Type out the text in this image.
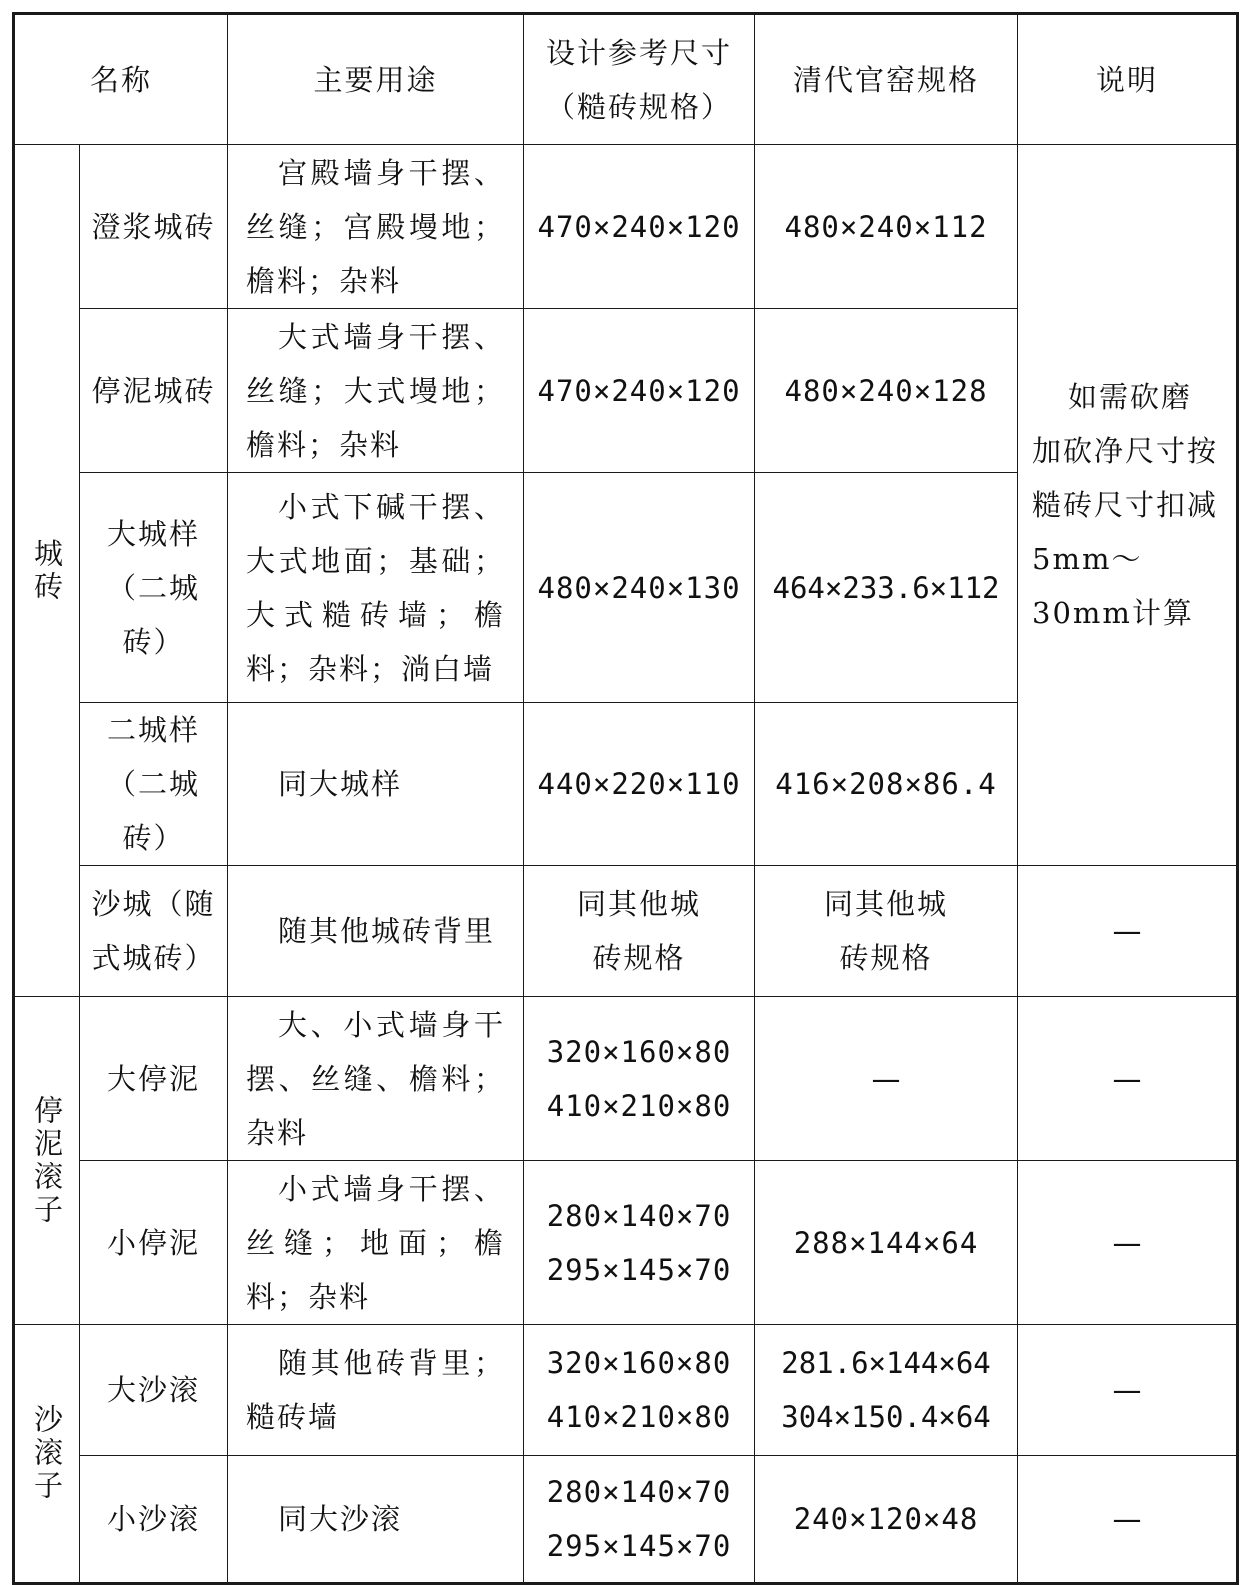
名称		主要用途	设计参考尺寸（糙砖规格）	清代官窑规格	说明
城砖	澄浆城砖	宫殿墙身干摆、丝缝；宫殿墁地；檐料；杂料	470×240×120	480×240×112	如需砍磨加砍净尺寸按糙砖尺寸扣减5mm～30mm计算

	停泥城砖	大式墙身干摆、丝缝；大式墁地；檐料；杂料	470×240×120	480×240×128	

	大城样（二城砖）	小式下碱干摆、大式地面；基础；大式糙砖墙；檐料；杂料；淌白墙	480×240×130	464×233.6×112	

	二城样（二城砖）	同大城样	440×220×110	416×208×86.4	

	沙城（随式城砖）	随其他城砖背里	同其他城砖规格	同其他城砖规格	—
停泥滚子	大停泥	大、小式墙身干摆、丝缝、檐料；杂料	320×160×80
410×210×80	—	—
	小停泥	小式墙身干摆、丝缝；地面；檐料；杂料	280×140×70
295×145×70	288×144×64	—
沙滚子	大沙滚	随其他砖背里；糙砖墙	320×160×80
410×210×80	281.6×144×64
304×150.4×64	—
	小沙滚	同大沙滚	280×140×70
295×145×70	240×120×48	—
